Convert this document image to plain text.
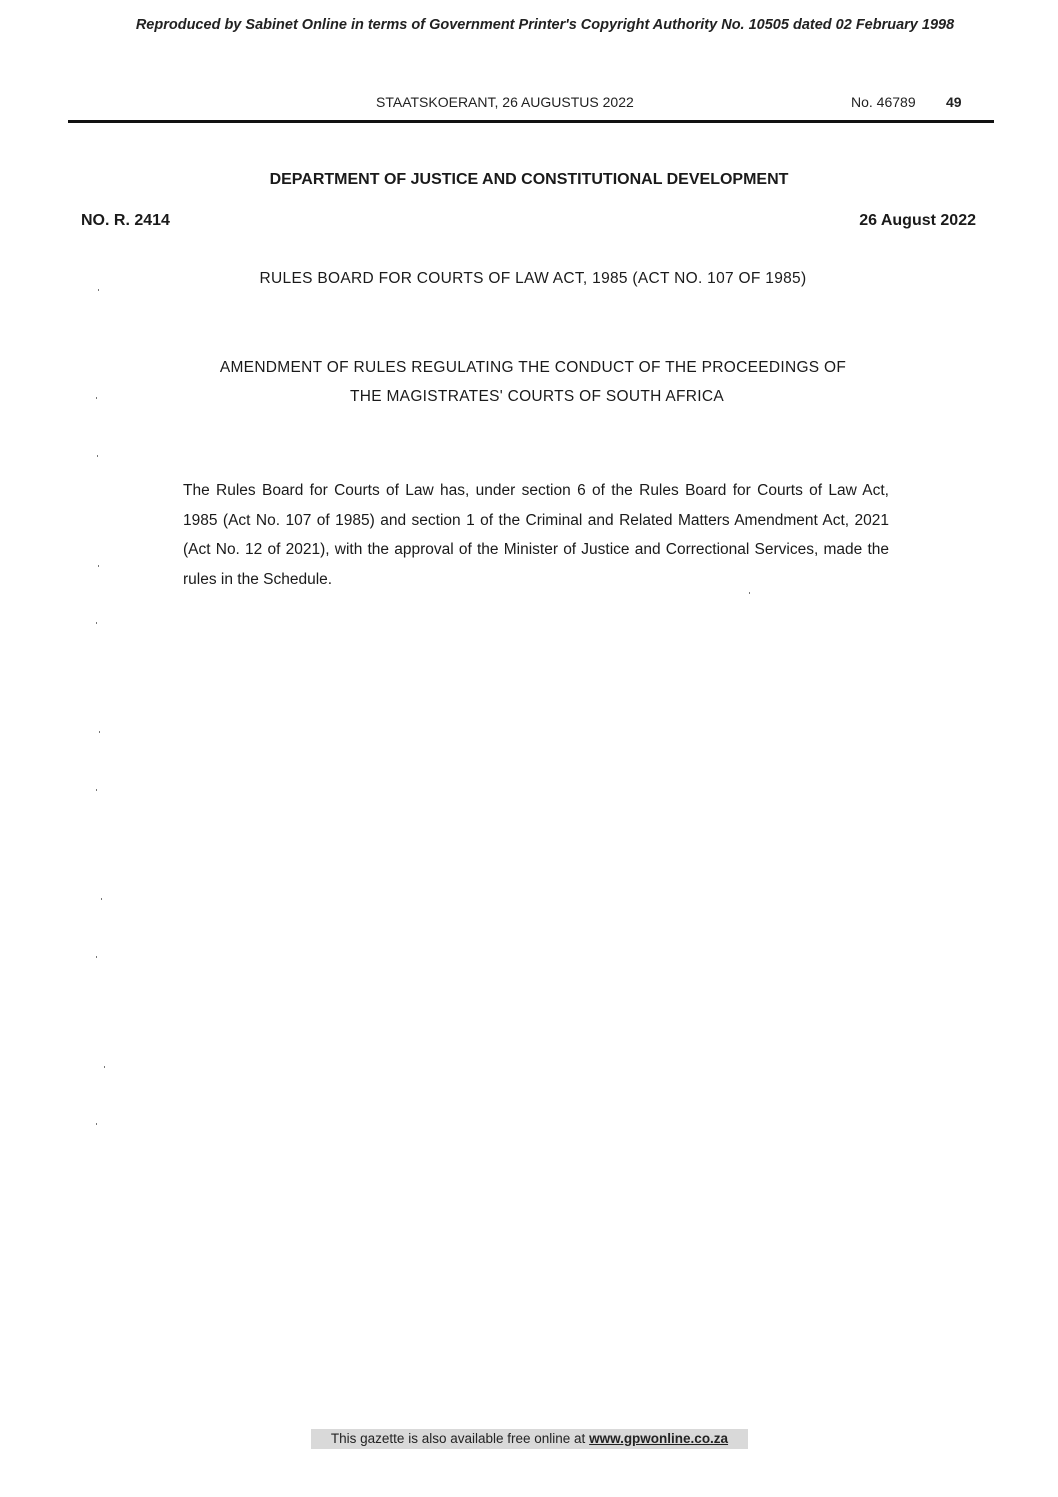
Reproduced by Sabinet Online in terms of Government Printer's Copyright Authority No. 10505 dated 02 February 1998
STAATSKOERANT, 26 AUGUSTUS 2022	No. 46789 49
DEPARTMENT OF JUSTICE AND CONSTITUTIONAL DEVELOPMENT
NO. R. 2414	26 August 2022
RULES BOARD FOR COURTS OF LAW ACT, 1985 (ACT NO. 107 OF 1985)
AMENDMENT OF RULES REGULATING THE CONDUCT OF THE PROCEEDINGS OF
THE MAGISTRATES' COURTS OF SOUTH AFRICA
The Rules Board for Courts of Law has, under section 6 of the Rules Board for Courts of Law Act, 1985 (Act No. 107 of 1985) and section 1 of the Criminal and Related Matters Amendment Act, 2021 (Act No. 12 of 2021), with the approval of the Minister of Justice and Correctional Services, made the rules in the Schedule.
This gazette is also available free online at www.gpwonline.co.za
